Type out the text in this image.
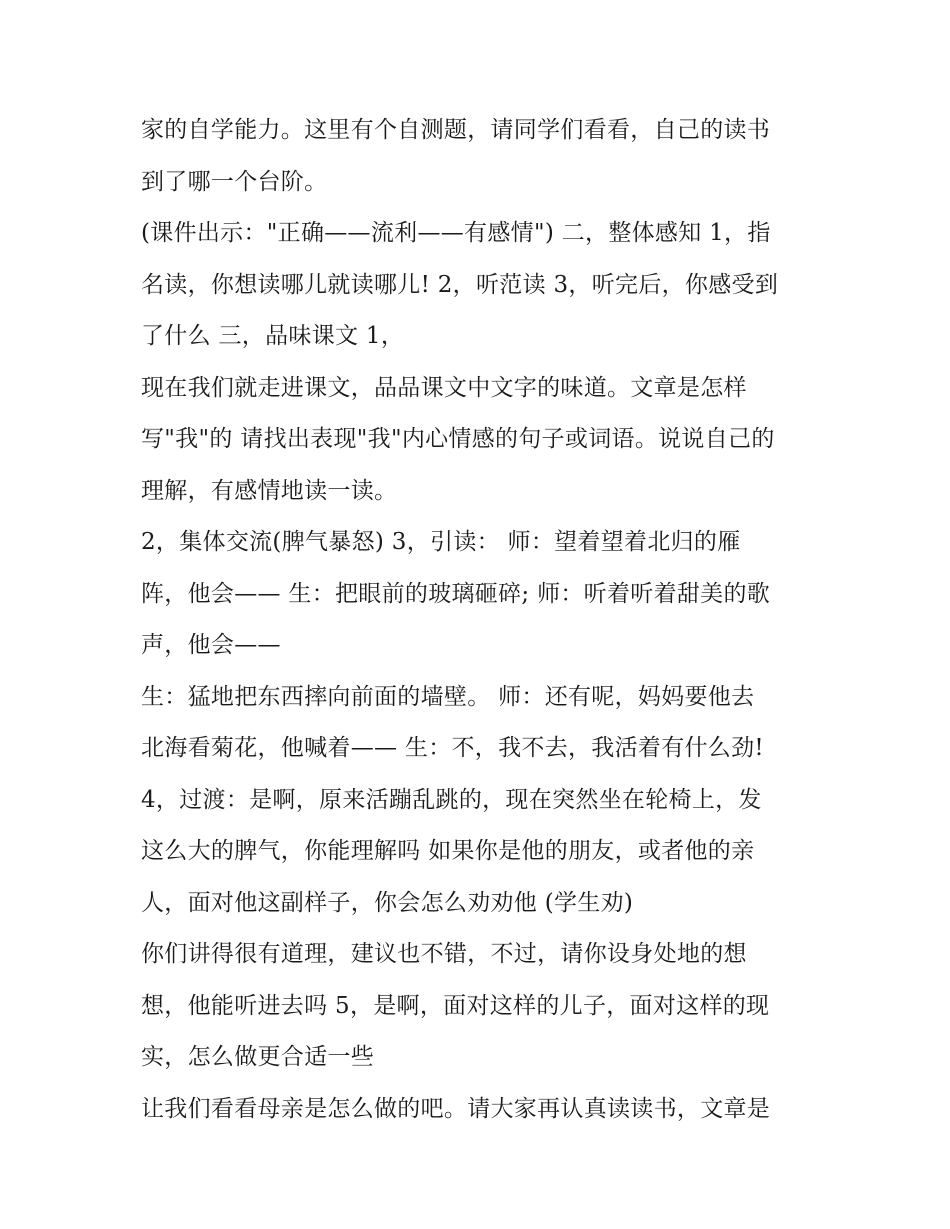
家的自学能力。这里有个自测题，请同学们看看，自己的读书
到了哪一个台阶。
(课件出示："正确——流利——有感情") 二，整体感知 1，指
名读，你想读哪儿就读哪儿! 2，听范读 3，听完后，你感受到
了什么 三，品味课文 1，
现在我们就走进课文，品品课文中文字的味道。文章是怎样
写"我"的 请找出表现"我"内心情感的句子或词语。说说自己的
理解，有感情地读一读。
2，集体交流(脾气暴怒) 3，引读： 师：望着望着北归的雁
阵，他会—— 生：把眼前的玻璃砸碎; 师：听着听着甜美的歌
声，他会——
生：猛地把东西摔向前面的墙壁。 师：还有呢，妈妈要他去
北海看菊花，他喊着—— 生：不，我不去，我活着有什么劲!
4，过渡：是啊，原来活蹦乱跳的，现在突然坐在轮椅上，发
这么大的脾气，你能理解吗 如果你是他的朋友，或者他的亲
人，面对他这副样子，你会怎么劝劝他 (学生劝)
你们讲得很有道理，建议也不错，不过，请你设身处地的想
想，他能听进去吗 5，是啊，面对这样的儿子，面对这样的现
实，怎么做更合适一些
让我们看看母亲是怎么做的吧。请大家再认真读读书，文章是
